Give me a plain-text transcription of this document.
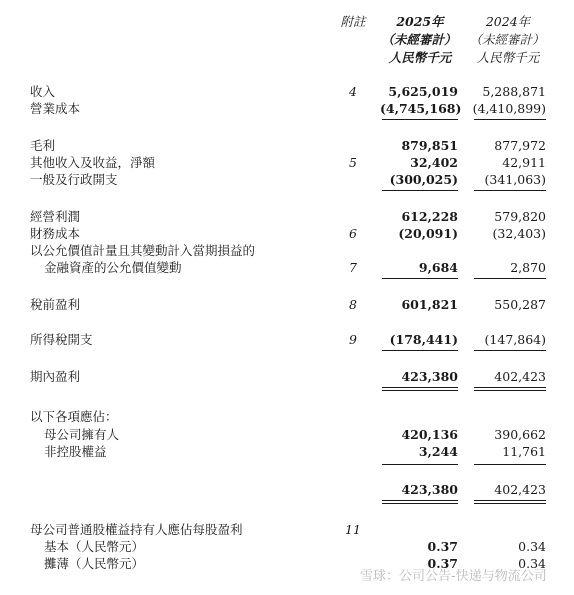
附註	2025年
（未經審計）
人民幣千元
2024年
（未經審計）
人民幣千元
收入	4	5,625,019	5,288,871
營業成本	(4,745,168) (4,410,899)
毛利	879,851	877,972
其他收入及收益，淨額	5	32,402	42,911
一般及行政開支	(300,025)	(341,063)
經營利潤	612,228	579,820
財務成本	6	(20,091)	(32,403)
以公允價值計量且其變動計入當期損益的
金融資產的公允價值變動	7	9,684	2,870
稅前盈利	8	601,821	550,287
所得稅開支	9	(178,441)	(147,864)
期內盈利	423,380	402,423
以下各項應佔：
母公司擁有人	420,136	390,662
非控股權益	3,244	11,761
423,380	402,423
母公司普通股權益持有人應佔每股盈利	11
基本（人民幣元）	0.37	0.34
攤薄（人民幣元）	0.37	0.34
雪球：公司公告-快递与物流公司
